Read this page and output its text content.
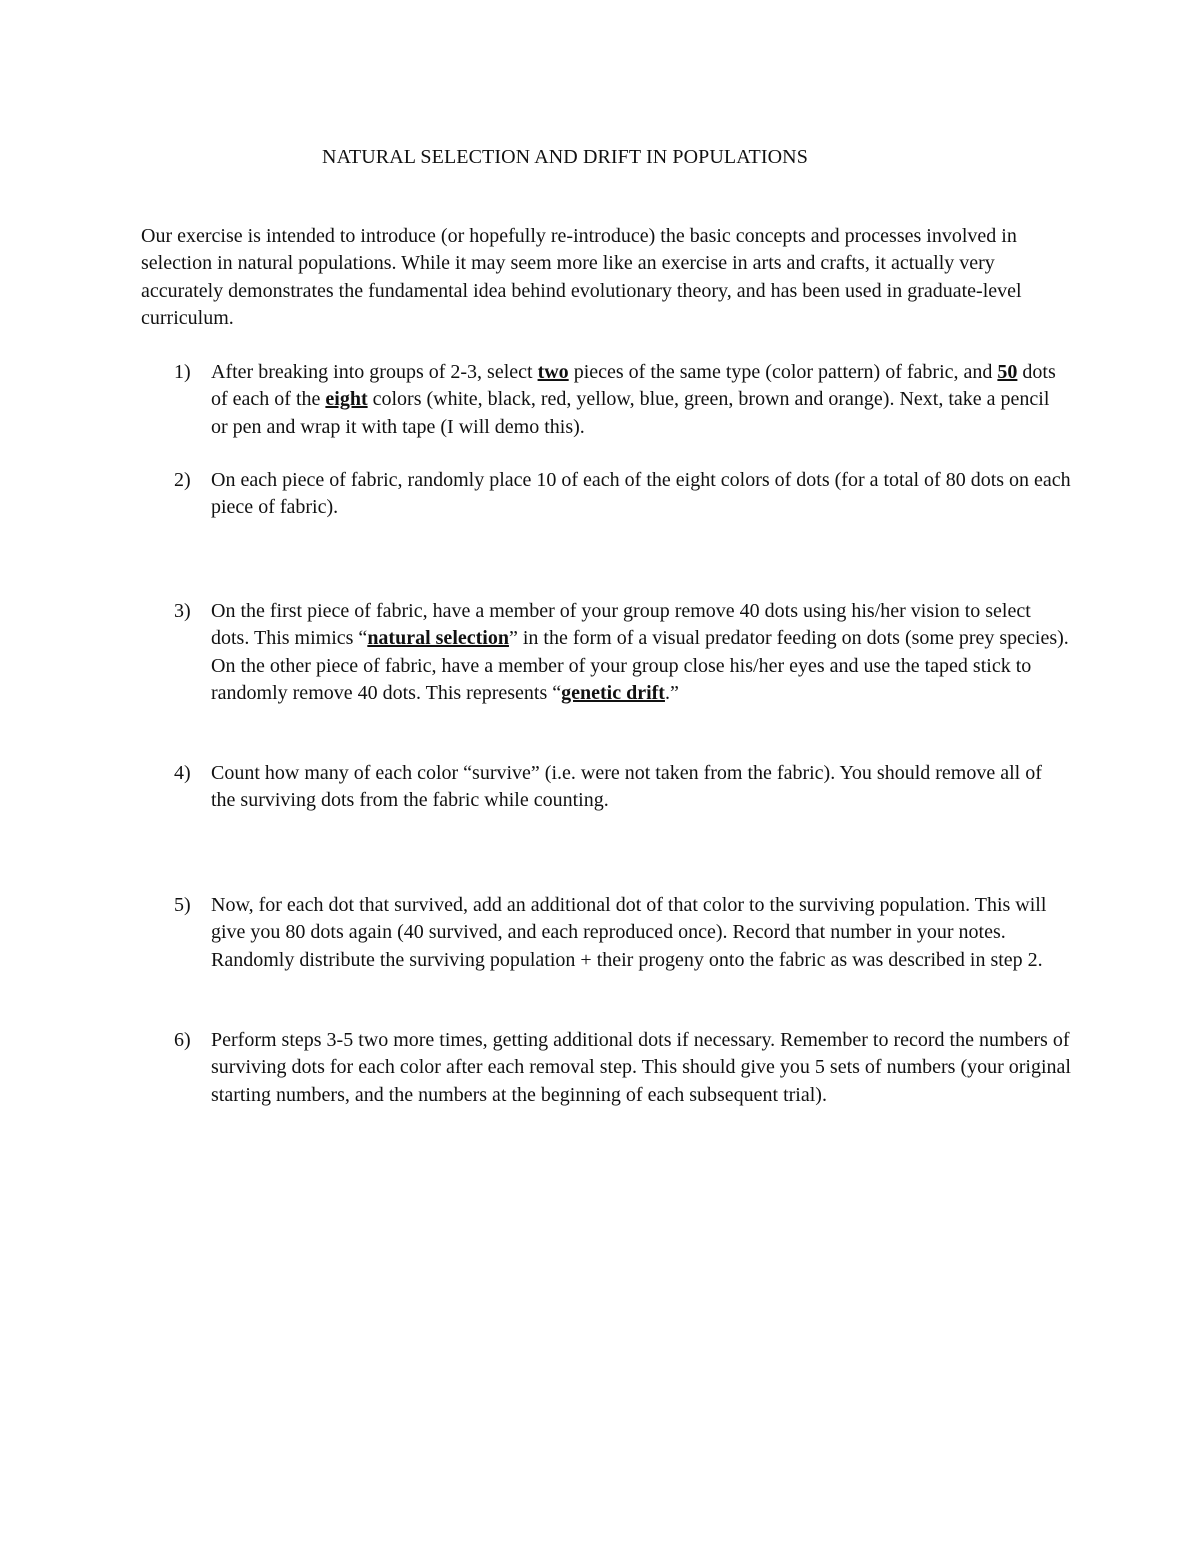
NATURAL SELECTION AND DRIFT IN POPULATIONS

Our exercise is intended to introduce (or hopefully re-introduce) the basic concepts and processes involved in selection in natural populations. While it may seem more like an exercise in arts and crafts, it actually very accurately demonstrates the fundamental idea behind evolutionary theory, and has been used in graduate-level curriculum.

1)	After breaking into groups of 2-3, select two pieces of the same type (color pattern) of fabric, and 50 dots of each of the eight colors (white, black, red, yellow, blue, green, brown and orange). Next, take a pencil or pen and wrap it with tape (I will demo this).
2)	On each piece of fabric, randomly place 10 of each of the eight colors of dots (for a total of 80 dots on each piece of fabric).
3)	On the first piece of fabric, have a member of your group remove 40 dots using his/her vision to select dots. This mimics “natural selection” in the form of a visual predator feeding on dots (some prey species). On the other piece of fabric, have a member of your group close his/her eyes and use the taped stick to randomly remove 40 dots. This represents “genetic drift.”
4)	Count how many of each color “survive” (i.e. were not taken from the fabric). You should remove all of the surviving dots from the fabric while counting.
5)	Now, for each dot that survived, add an additional dot of that color to the surviving population. This will give you 80 dots again (40 survived, and each reproduced once). Record that number in your notes. Randomly distribute the surviving population + their progeny onto the fabric as was described in step 2.
6)	Perform steps 3-5 two more times, getting additional dots if necessary. Remember to record the numbers of surviving dots for each color after each removal step. This should give you 5 sets of numbers (your original starting numbers, and the numbers at the beginning of each subsequent trial).
